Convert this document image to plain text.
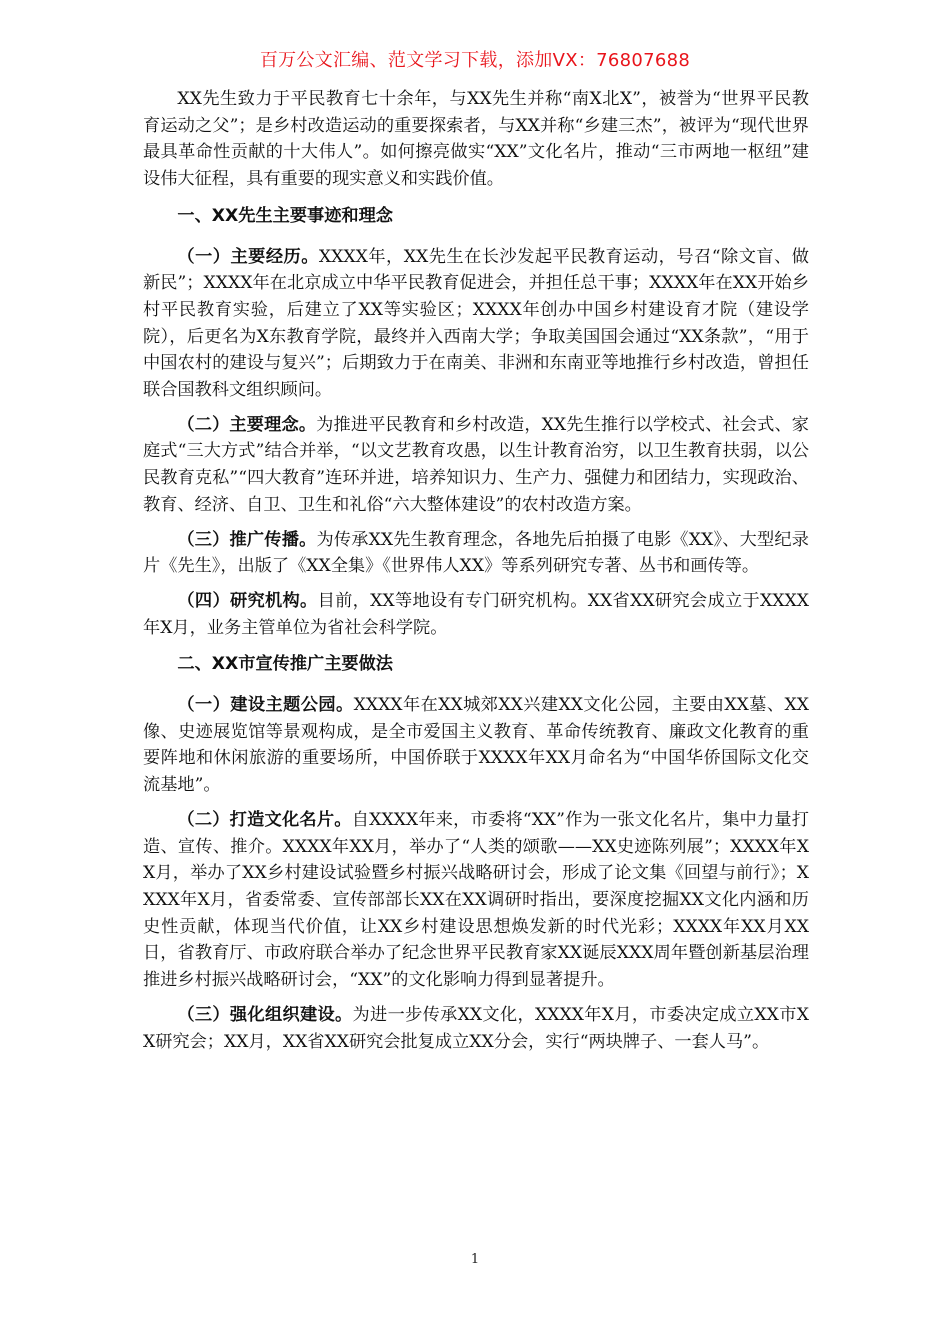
百万公文汇编、范文学习下载，添加VX：76807688

XX先生致力于平民教育七十余年，与XX先生并称“南X北X”，被誉为“世界平民教育运动之父”；是乡村改造运动的重要探索者，与XX并称“乡建三杰”，被评为“现代世界最具革命性贡献的十大伟人”。如何擦亮做实“XX”文化名片，推动“三市两地一枢纽”建设伟大征程，具有重要的现实意义和实践价值。

一、XX先生主要事迹和理念

（一）主要经历。XXXX年，XX先生在长沙发起平民教育运动，号召“除文盲、做新民”；XXXX年在北京成立中华平民教育促进会，并担任总干事；XXXX年在XX开始乡村平民教育实验，后建立了XX等实验区；XXXX年创办中国乡村建设育才院（建设学院），后更名为X东教育学院，最终并入西南大学；争取美国国会通过“XX条款”，“用于中国农村的建设与复兴”；后期致力于在南美、非洲和东南亚等地推行乡村改造，曾担任联合国教科文组织顾问。

（二）主要理念。为推进平民教育和乡村改造，XX先生推行以学校式、社会式、家庭式“三大方式”结合并举，“以文艺教育攻愚，以生计教育治穷，以卫生教育扶弱，以公民教育克私”“四大教育”连环并进，培养知识力、生产力、强健力和团结力，实现政治、教育、经济、自卫、卫生和礼俗“六大整体建设”的农村改造方案。

（三）推广传播。为传承XX先生教育理念，各地先后拍摄了电影《XX》、大型纪录片《先生》，出版了《XX全集》《世界伟人XX》等系列研究专著、丛书和画传等。

（四）研究机构。目前，XX等地设有专门研究机构。XX省XX研究会成立于XXXX年X月，业务主管单位为省社会科学院。

二、XX市宣传推广主要做法

（一）建设主题公园。XXXX年在XX城郊XX兴建XX文化公园，主要由XX墓、XX像、史迹展览馆等景观构成，是全市爱国主义教育、革命传统教育、廉政文化教育的重要阵地和休闲旅游的重要场所，中国侨联于XXXX年XX月命名为“中国华侨国际文化交流基地”。

（二）打造文化名片。自XXXX年来，市委将“XX”作为一张文化名片，集中力量打造、宣传、推介。XXXX年XX月，举办了“人类的颂歌——XX史迹陈列展”；XXXX年XX月，举办了XX乡村建设试验暨乡村振兴战略研讨会，形成了论文集《回望与前行》；XXXX年X月，省委常委、宣传部部长XX在XX调研时指出，要深度挖掘XX文化内涵和历史性贡献，体现当代价值，让XX乡村建设思想焕发新的时代光彩；XXXX年XX月XX日，省教育厅、市政府联合举办了纪念世界平民教育家XX诞辰XXX周年暨创新基层治理推进乡村振兴战略研讨会，“XX”的文化影响力得到显著提升。

（三）强化组织建设。为进一步传承XX文化，XXXX年X月，市委决定成立XX市XX研究会；XX月，XX省XX研究会批复成立XX分会，实行“两块牌子、一套人马”。

1
